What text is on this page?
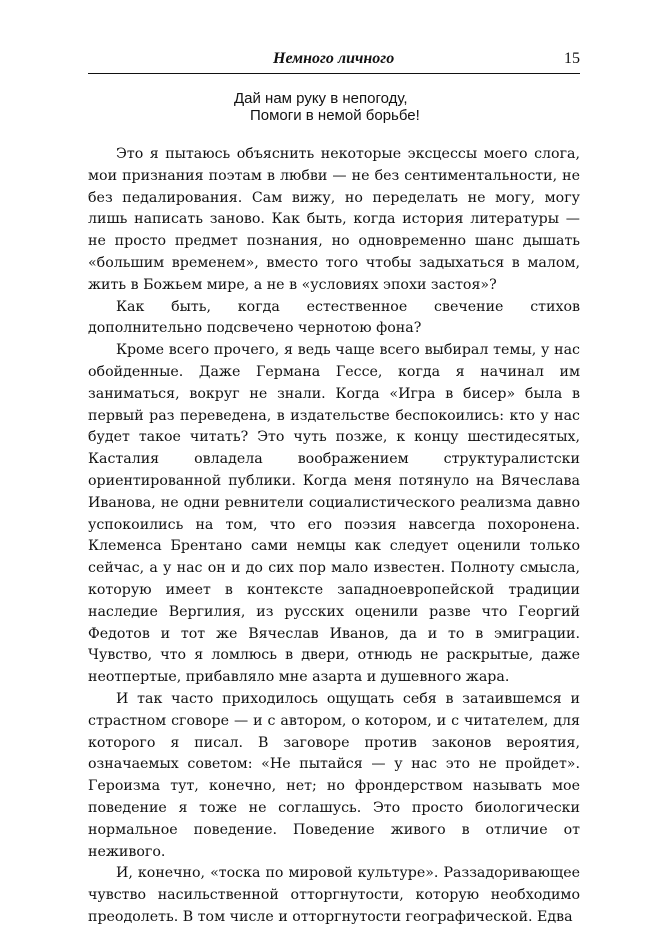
Немного личного	15
Дай нам руку в непогоду,
Помоги в немой борьбе!

Это я пытаюсь объяснить некоторые эксцессы моего слога, мои признания поэтам в любви — не без сентиментальности, не без педалирования. Сам вижу, но переделать не могу, могу лишь написать заново. Как быть, когда история литературы — не просто предмет познания, но одновременно шанс дышать «большим временем», вместо того чтобы задыхаться в малом, жить в Божьем мире, а не в «условиях эпохи застоя»?

Как быть, когда естественное свечение стихов дополнительно подсвечено чернотою фона?

Кроме всего прочего, я ведь чаще всего выбирал темы, у нас обойденные. Даже Германа Гессе, когда я начинал им заниматься, вокруг не знали. Когда «Игра в бисер» была в первый раз переведена, в издательстве беспокоились: кто у нас будет такое читать? Это чуть позже, к концу шестидесятых, Касталия овладела воображением структуралистски ориентированной публики. Когда меня потянуло на Вячеслава Иванова, не одни ревнители социалистического реализма давно успокоились на том, что его поэзия навсегда похоронена. Клеменса Брентано сами немцы как следует оценили только сейчас, а у нас он и до сих пор мало известен. Полноту смысла, которую имеет в контексте западноевропейской традиции наследие Вергилия, из русских оценили разве что Георгий Федотов и тот же Вячеслав Иванов, да и то в эмиграции. Чувство, что я ломлюсь в двери, отнюдь не раскрытые, даже неотпертые, прибавляло мне азарта и душевного жара.

И так часто приходилось ощущать себя в затаившемся и страстном сговоре — и с автором, о котором, и с читателем, для которого я писал. В заговоре против законов вероятия, означаемых советом: «Не пытайся — у нас это не пройдет». Героизма тут, конечно, нет; но фрондерством называть мое поведение я тоже не соглашусь. Это просто биологически нормальное поведение. Поведение живого в отличие от неживого.

И, конечно, «тоска по мировой культуре». Раззадоривающее чувство насильственной отторгнутости, которую необходимо преодолеть. В том числе и отторгнутости географической. Едва
